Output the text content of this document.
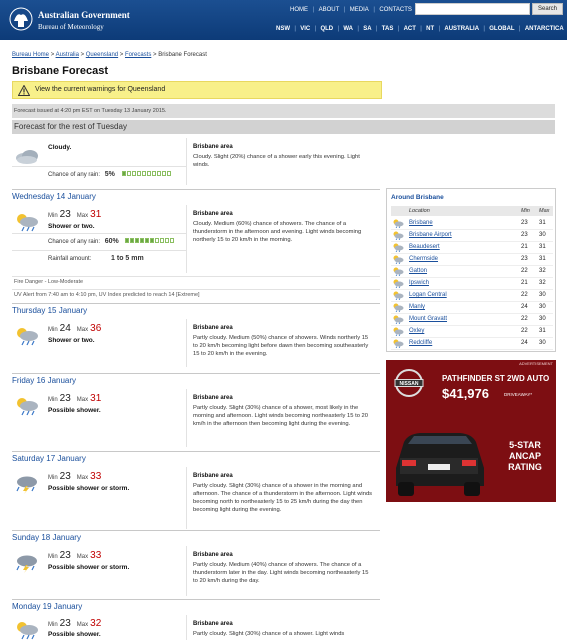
Australian Government
Bureau of Meteorology
HOME | ABOUT | MEDIA | CONTACTS	Search
NSW | VIC | QLD | WA | SA | TAS | ACT | NT | AUSTRALIA | GLOBAL | ANTARCTICA
Bureau Home > Australia > Queensland > Forecasts > Brisbane Forecast
Brisbane Forecast
View the current warnings for Queensland
Forecast issued at 4:20 pm EST on Tuesday 13 January 2015.
Forecast for the rest of Tuesday
Cloudy.
Chance of any rain: 5%
Brisbane area
Cloudy. Slight (20%) chance of a shower early this evening. Light winds.
Wednesday 14 January
Min 23 Max 31
Shower or two.
Chance of any rain: 60%
Rainfall amount:	1 to 5 mm
Brisbane area
Cloudy. Medium (60%) chance of showers. The chance of a thunderstorm in the afternoon and evening. Light winds becoming northerly 15 to 20 km/h in the morning.
Fire Danger - Low-Moderate
UV Alert from 7:40 am to 4:10 pm, UV Index predicted to reach 14 [Extreme]
Thursday 15 January
Min 24 Max 36
Shower or two.
Brisbane area
Partly cloudy. Medium (50%) chance of showers. Winds northerly 15 to 20 km/h becoming light before dawn then becoming southeasterly 15 to 20 km/h in the evening.
Friday 16 January
Min 23 Max 31
Possible shower.
Brisbane area
Partly cloudy. Slight (30%) chance of a shower, most likely in the morning and afternoon. Light winds becoming northeasterly 15 to 20 km/h in the afternoon then becoming light during the evening.
Saturday 17 January
Min 23 Max 33
Possible shower or storm.
Brisbane area
Partly cloudy. Slight (30%) chance of a shower in the morning and afternoon. The chance of a thunderstorm in the afternoon. Light winds becoming north to northeasterly 15 to 25 km/h during the day then becoming light during the evening.
Sunday 18 January
Min 23 Max 33
Possible shower or storm.
Brisbane area
Partly cloudy. Medium (40%) chance of showers. The chance of a thunderstorm later in the day. Light winds becoming northeasterly 15 to 20 km/h during the day.
Monday 19 January
Min 23 Max 32
Possible shower.
Brisbane area
Partly cloudy. Slight (30%) chance of a shower. Light winds
Around Brisbane
Location	Min Max
Brisbane	23 31
Brisbane Airport	23 30
Beaudesert	21 31
Chermside	23 31
Gatton	22 32
Ipswich	21 32
Logan Central	22 30
Manly	24 30
Mount Gravatt	22 30
Oxley	22 31
Redcliffe	24 30
ADVERTISEMENT
NISSAN
PATHFINDER ST 2WD AUTO
$41,976	DRIVEAWAY*
5-STAR ANCAP RATING
